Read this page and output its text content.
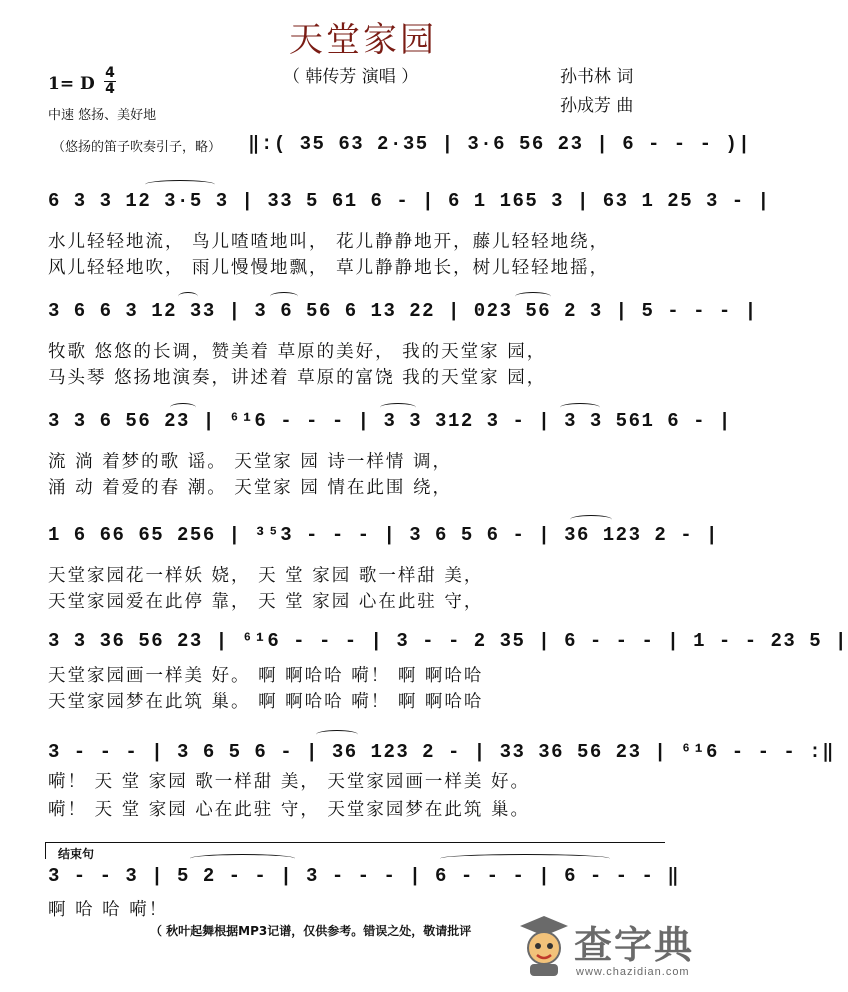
天堂家园
（ 韩传芳 演唱 ）
1= D $\frac{4}{4}$
中速 悠扬、美好地
孙书林 词
孙成芳 曲
（悠扬的笛子吹奏引子，略） ‖:( 35 63 2·35 | 3·6 56 23 | 6 - - - )|
6 3 3 12 3·5 3 | 33 5 61 6 - | 6 1 165 3 | 63 1 25 3 - |
水儿轻轻地流， 鸟儿喳喳地叫， 花儿静静地开，藤儿轻轻地绕，
风儿轻轻地吹， 雨儿慢慢地飘， 草儿静静地长，树儿轻轻地摇，
3 6 6 3 12 33 | 3 6 56 6 13 22 | 023 56 2 3 | 5 - - - |
牧歌 悠悠的长调，赞美着 草原的美好， 我的天堂家 园，
马头琴 悠扬地演奏，讲述着 草原的富饶 我的天堂家 园，
3 3 6 56 23 | ⁶¹6 - - - | 3 3 312 3 - | 3 3 561 6 - |
流 淌 着梦的歌 谣。 天堂家 园 诗一样情 调，
涌 动 着爱的春 潮。 天堂家 园 情在此围 绕，
1 6 66 65 256 | ³⁵3 - - - | 3 6 5 6 - | 36 123 2 - |
天堂家园花一样妖 娆， 天 堂 家园 歌一样甜 美，
天堂家园爱在此停 靠， 天 堂 家园 心在此驻 守，
3 3 36 56 23 | ⁶¹6 - - - | 3 - - 2 35 | 6 - - - | 1 - - 23 5 |
天堂家园画一样美 好。 啊 啊哈哈 嗬！ 啊 啊哈哈
天堂家园梦在此筑 巢。 啊 啊哈哈 嗬！ 啊 啊哈哈
3 - - - | 3 6 5 6 - | 36 123 2 - | 33 36 56 23 | ⁶¹6 - - - :‖
嗬！ 天 堂 家园 歌一样甜 美， 天堂家园画一样美 好。
嗬！ 天 堂 家园 心在此驻 守， 天堂家园梦在此筑 巢。
结束句
3 - - 3 | 5 2 - - | 3 - - - | 6 - - - | 6 - - - ‖
啊 哈 哈 嗬！
（ 秋叶起舞根据MP3记谱，仅供参考。错误之处，敬请批评	查字典
www.chazidian.com
